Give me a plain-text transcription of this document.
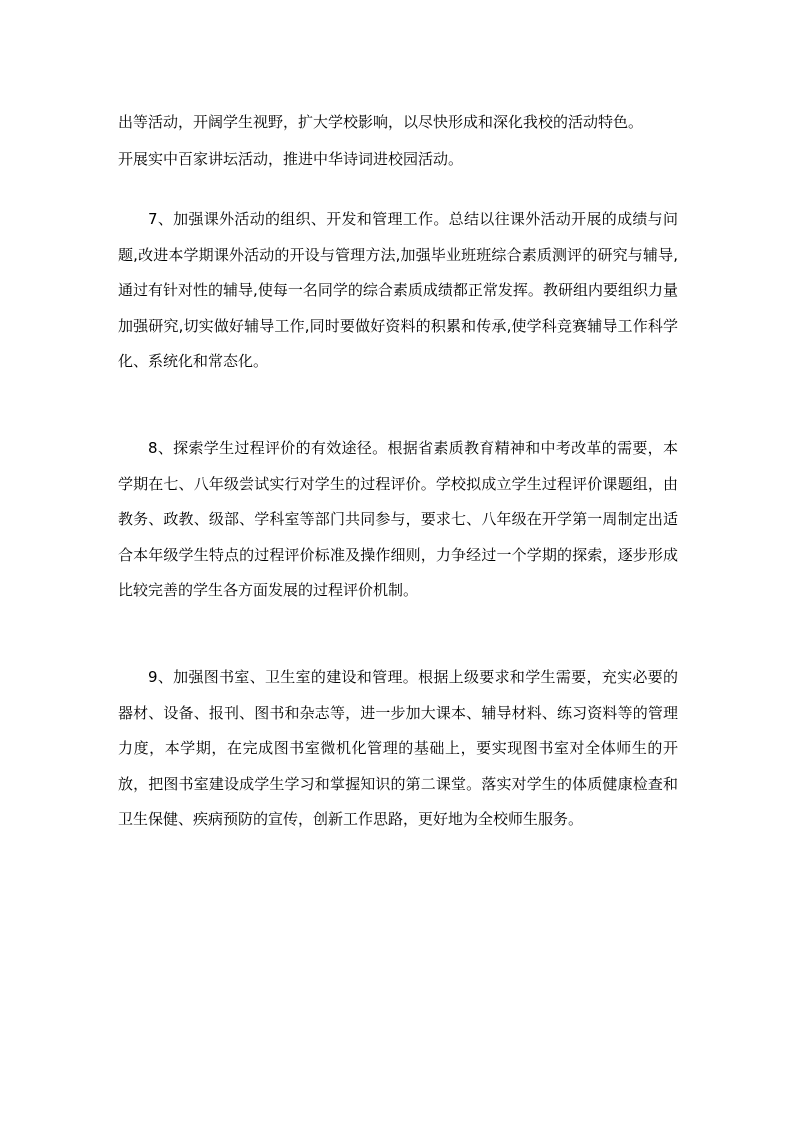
出等活动，开阔学生视野，扩大学校影响，以尽快形成和深化我校的活动特色。
开展实中百家讲坛活动，推进中华诗词进校园活动。

7、加强课外活动的组织、开发和管理工作。总结以往课外活动开展的成绩与问题,改进本学期课外活动的开设与管理方法,加强毕业班班综合素质测评的研究与辅导,通过有针对性的辅导,使每一名同学的综合素质成绩都正常发挥。教研组内要组织力量加强研究,切实做好辅导工作,同时要做好资料的积累和传承,使学科竞赛辅导工作科学化、系统化和常态化。

8、探索学生过程评价的有效途径。根据省素质教育精神和中考改革的需要，本学期在七、八年级尝试实行对学生的过程评价。学校拟成立学生过程评价课题组，由教务、政教、级部、学科室等部门共同参与，要求七、八年级在开学第一周制定出适合本年级学生特点的过程评价标准及操作细则，力争经过一个学期的探索，逐步形成比较完善的学生各方面发展的过程评价机制。

9、加强图书室、卫生室的建设和管理。根据上级要求和学生需要，充实必要的器材、设备、报刊、图书和杂志等，进一步加大课本、辅导材料、练习资料等的管理力度，本学期，在完成图书室微机化管理的基础上，要实现图书室对全体师生的开放，把图书室建设成学生学习和掌握知识的第二课堂。落实对学生的体质健康检查和卫生保健、疾病预防的宣传，创新工作思路，更好地为全校师生服务。
